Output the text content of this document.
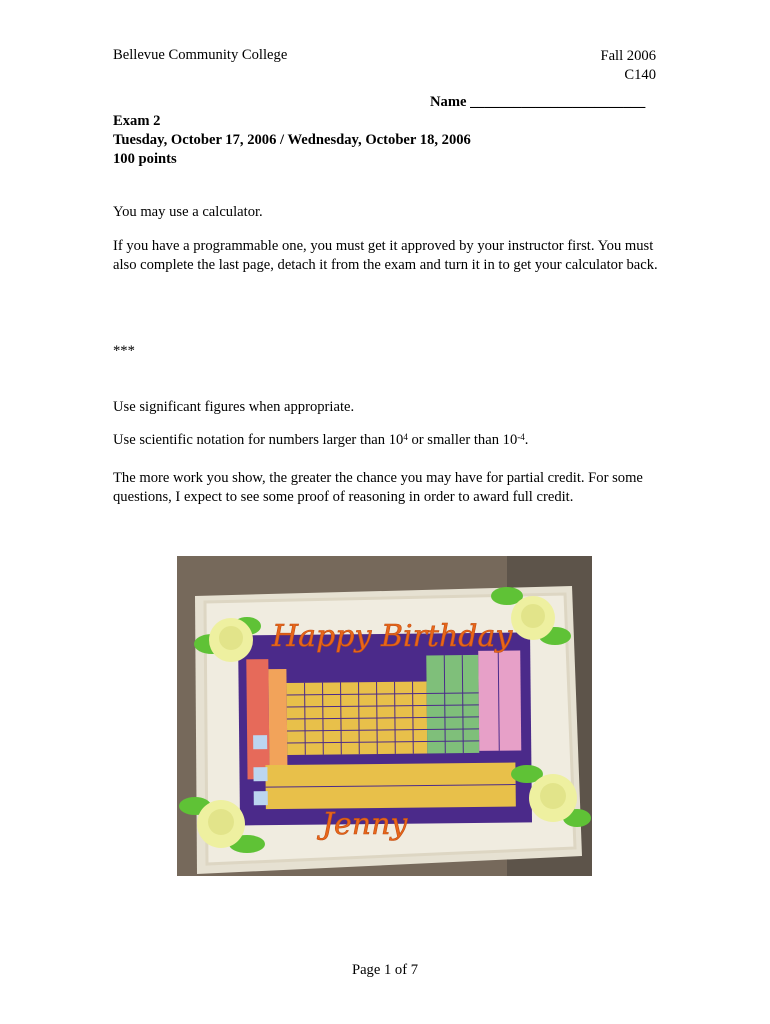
Bellevue Community College	Fall 2006
C140
Name ________________________
Exam 2
Tuesday, October 17, 2006 / Wednesday, October 18, 2006
100 points
You may use a calculator.
If you have a programmable one, you must get it approved by your instructor first. You must also complete the last page, detach it from the exam and turn it in to get your calculator back.
***
Use significant figures when appropriate.
Use scientific notation for numbers larger than $10^4$ or smaller than $10^{-4}$.
The more work you show, the greater the chance you may have for partial credit. For some questions, I expect to see some proof of reasoning in order to award full credit.
Happy Birthday
Jenny
Page 1 of 7
